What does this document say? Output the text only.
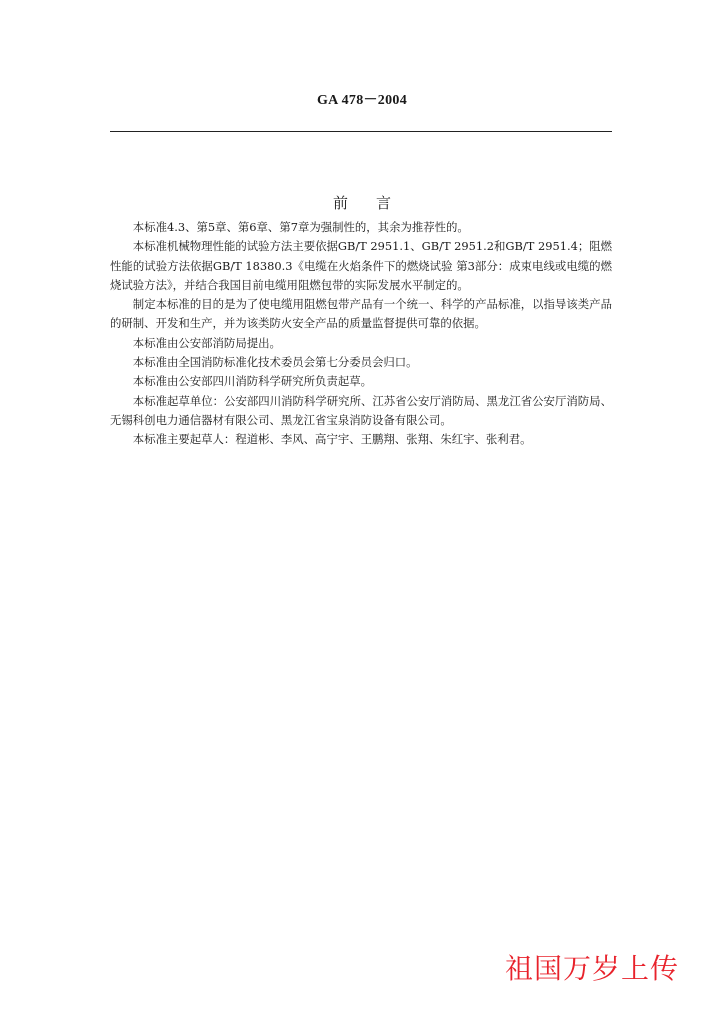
GA 478－2004
前 言

本标准4.3、第5章、第6章、第7章为强制性的，其余为推荐性的。

本标准机械物理性能的试验方法主要依据GB/T 2951.1、GB/T 2951.2和GB/T 2951.4；阻燃性能的试验方法依据GB/T 18380.3《电缆在火焰条件下的燃烧试验 第3部分：成束电线或电缆的燃烧试验方法》，并结合我国目前电缆用阻燃包带的实际发展水平制定的。

制定本标准的目的是为了使电缆用阻燃包带产品有一个统一、科学的产品标准，以指导该类产品的研制、开发和生产，并为该类防火安全产品的质量监督提供可靠的依据。

本标准由公安部消防局提出。

本标准由全国消防标准化技术委员会第七分委员会归口。

本标准由公安部四川消防科学研究所负责起草。

本标准起草单位：公安部四川消防科学研究所、江苏省公安厅消防局、黑龙江省公安厅消防局、无锡科创电力通信器材有限公司、黑龙江省宝泉消防设备有限公司。

本标准主要起草人：程道彬、李风、高宁宇、王鹏翔、张翔、朱红宇、张利君。

祖国万岁上传
